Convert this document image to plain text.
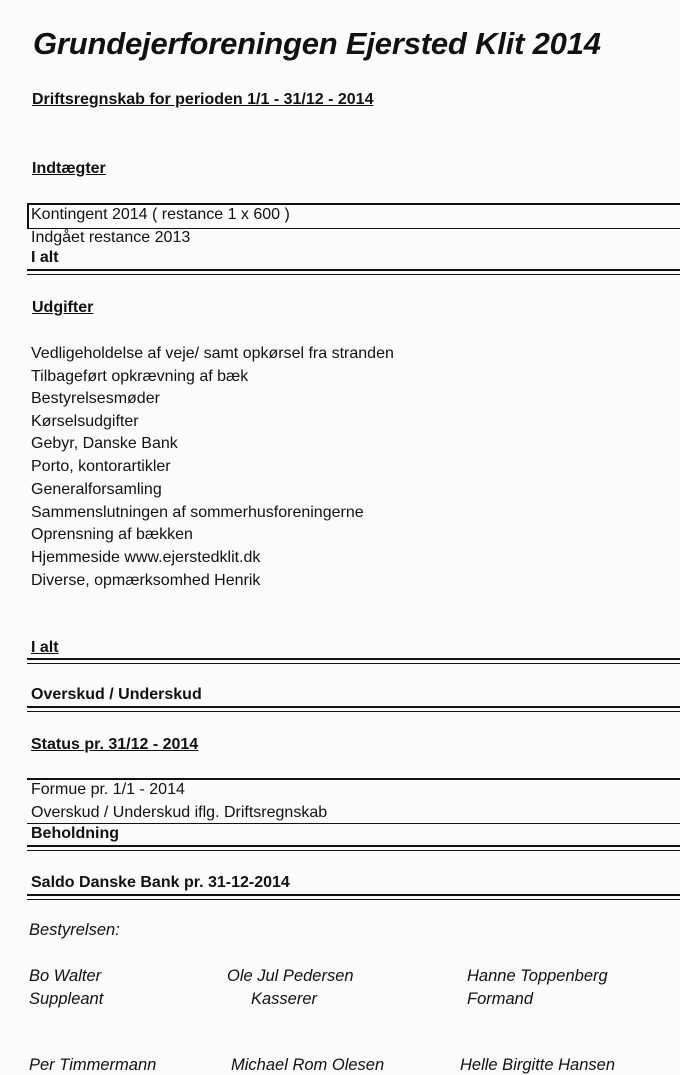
Grundejerforeningen Ejersted Klit 2014
Driftsregnskab for perioden 1/1 - 31/12 - 2014
Indtægter
Kontingent 2014 ( restance 1 x 600 )
Indgået restance 2013
I alt
Udgifter
Vedligeholdelse af veje/ samt opkørsel fra stranden
Tilbageført opkrævning af bæk
Bestyrelsesmøder
Kørselsudgifter
Gebyr, Danske Bank
Porto, kontorartikler
Generalforsamling
Sammenslutningen af sommerhusforeningerne
Oprensning af bækken
Hjemmeside www.ejerstedklit.dk
Diverse, opmærksomhed Henrik
I alt
Overskud / Underskud
Status pr. 31/12 - 2014
Formue pr. 1/1 - 2014
Overskud / Underskud iflg. Driftsregnskab
Beholdning
Saldo Danske Bank pr. 31-12-2014
Bestyrelsen:
Bo Walter
Suppleant
Ole Jul Pedersen
Kasserer
Hanne Toppenberg
Formand
Per Timmermann	Michael Rom Olesen	Helle Birgitte Hansen
